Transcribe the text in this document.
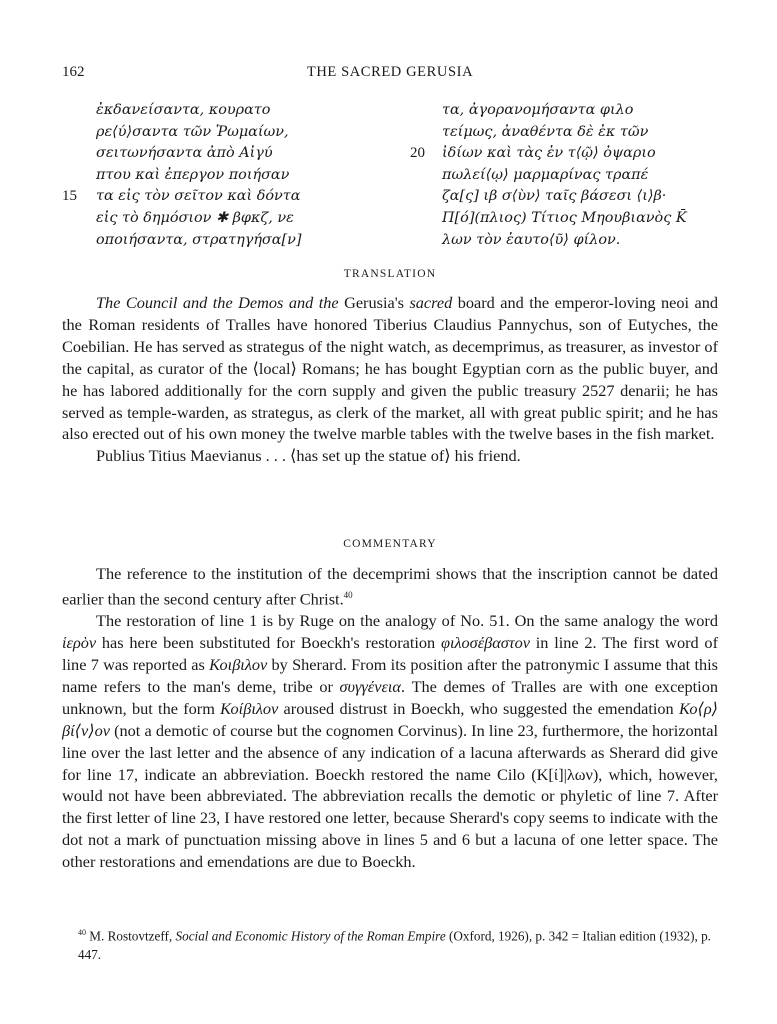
162	THE SACRED GERUSIA
ἐκδανείσαντα, κουρατο
ρε⟨ύ⟩σαντα τῶν Ῥωμαίων,
σειτωνήσαντα ἀπὸ Αἰγύ
πτου καὶ ἐπεργον ποιήσαν
15 τα εἰς τὸν σεῖτον καὶ δόντα
εἰς τὸ δημόσιον ✱ βφκζ, νε
οποιήσαντα, στρατηγήσα[ν]
τα, ἀγορανομήσαντα φιλο
τείμως, ἀναθέντα δὲ ἐκ τῶν
20 ἰδίων καὶ τὰς ἐν τ⟨ῷ⟩ ὀψαριο
πωλεί⟨ῳ⟩ μαρμαρίνας τραπέ
ζα[ς] ιβ σ⟨ὺν⟩ ταῖς βάσεσι ⟨ι⟩β·
Π[ό](πλιος) Τίτιος Μηουβιανὸς K̄
λων τὸν ἑαυτο⟨ῦ⟩ φίλον.
TRANSLATION

The Council and the Demos and the Gerusia's sacred board and the emperor-loving neoi and the Roman residents of Tralles have honored Tiberius Claudius Pannychus, son of Eutyches, the Coebilian. He has served as strategus of the night watch, as decemprimus, as treasurer, as investor of the capital, as curator of the ⟨local⟩ Romans; he has bought Egyptian corn as the public buyer, and he has labored additionally for the corn supply and given the public treasury 2527 denarii; he has served as temple-warden, as strategus, as clerk of the market, all with great public spirit; and he has also erected out of his own money the twelve marble tables with the twelve bases in the fish market.

Publius Titius Maevianus . . . ⟨has set up the statue of⟩ his friend.

COMMENTARY

The reference to the institution of the decemprimi shows that the inscription cannot be dated earlier than the second century after Christ.$^{40}$

The restoration of line 1 is by Ruge on the analogy of No. 51. On the same analogy the word ἱερὸν has here been substituted for Boeckh's restoration φιλοσέβαστον in line 2. The first word of line 7 was reported as Κοιβιλον by Sherard. From its position after the patronymic I assume that this name refers to the man's deme, tribe or συγγένεια. The demes of Tralles are with one exception unknown, but the form Κοίβιλον aroused distrust in Boeckh, who suggested the emendation Κο⟨ρ⟩βί⟨ν⟩ον (not a demotic of course but the cognomen Corvinus). In line 23, furthermore, the horizontal line over the last letter and the absence of any indication of a lacuna afterwards as Sherard did give for line 17, indicate an abbreviation. Boeckh restored the name Cilo (K[ί]|λων), which, however, would not have been abbreviated. The abbreviation recalls the demotic or phyletic of line 7. After the first letter of line 23, I have restored one letter, because Sherard's copy seems to indicate with the dot not a mark of punctuation missing above in lines 5 and 6 but a lacuna of one letter space. The other restorations and emendations are due to Boeckh.

$^{40}$ M. Rostovtzeff, Social and Economic History of the Roman Empire (Oxford, 1926), p. 342 = Italian edition (1932), p. 447.
